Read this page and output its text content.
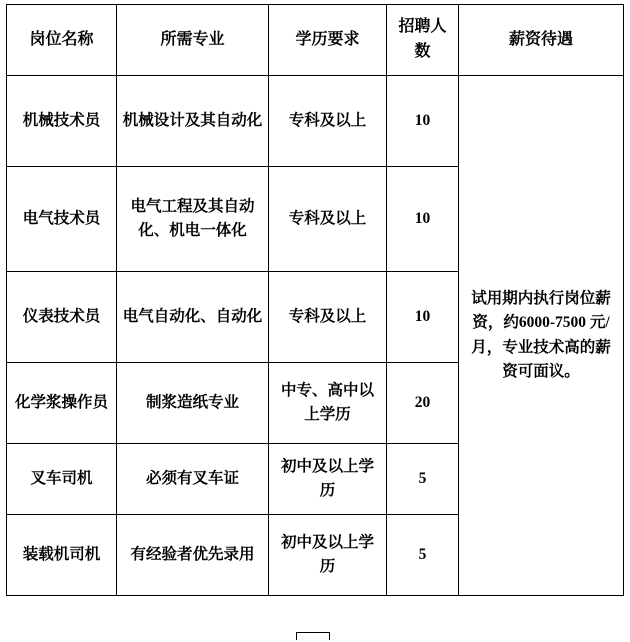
岗位名称	所需专业	学历要求	招聘人数	薪资待遇
机械技术员	机械设计及其自动化	专科及以上	10	试用期内执行岗位薪资，约6000-7500 元/月，专业技术高的薪资可面议。
电气技术员	电气工程及其自动化、机电一体化	专科及以上	10	
仪表技术员	电气自动化、自动化	专科及以上	10	
化学浆操作员	制浆造纸专业	中专、高中以上学历	20	
叉车司机	必须有叉车证	初中及以上学历	5	
装载机司机	有经验者优先录用	初中及以上学历	5	
